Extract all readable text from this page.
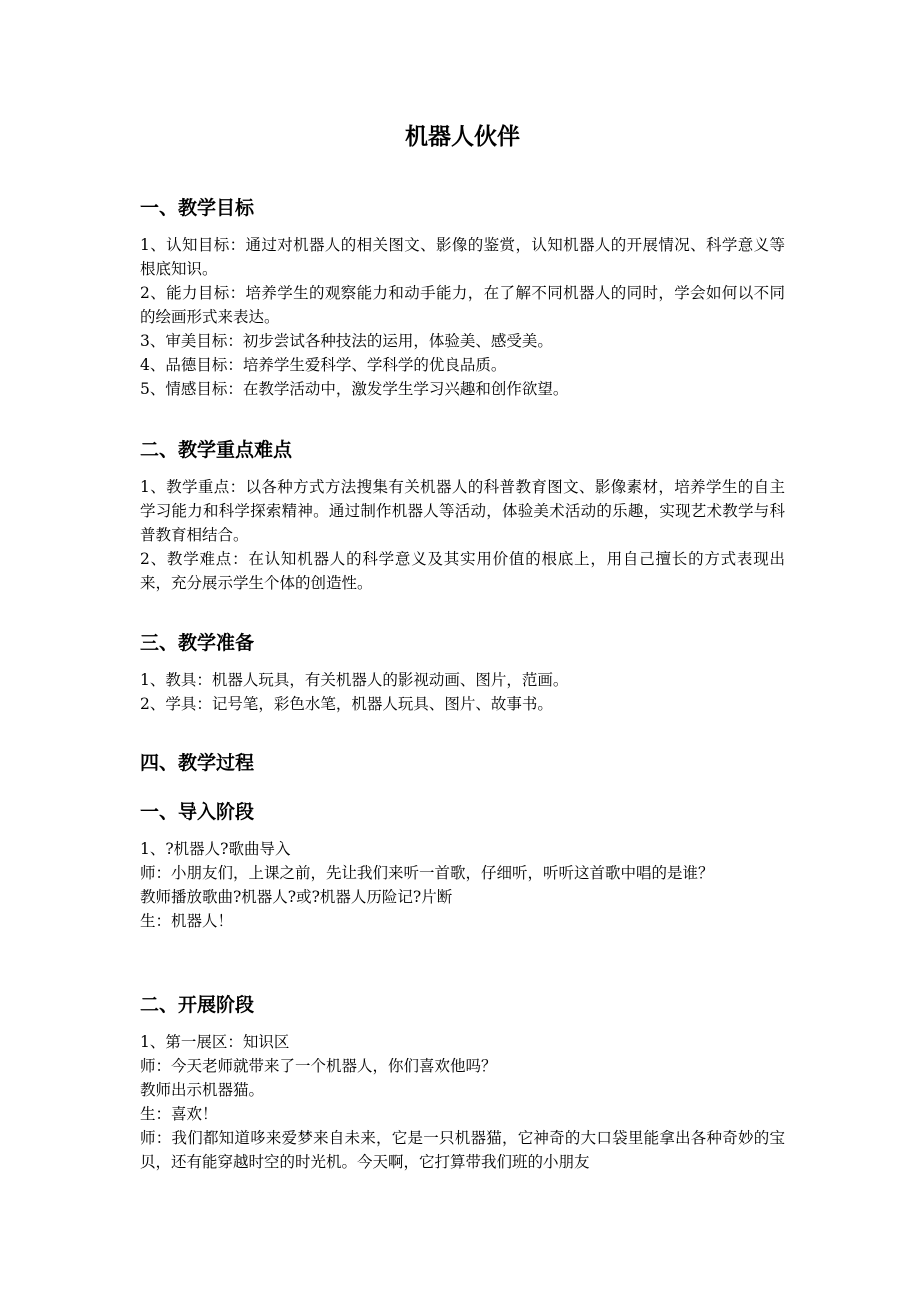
机器人伙伴
一、教学目标

1、认知目标：通过对机器人的相关图文、影像的鉴赏，认知机器人的开展情况、科学意义等根底知识。

2、能力目标：培养学生的观察能力和动手能力，在了解不同机器人的同时，学会如何以不同的绘画形式来表达。

3、审美目标：初步尝试各种技法的运用，体验美、感受美。

4、品德目标：培养学生爱科学、学科学的优良品质。

5、情感目标：在教学活动中，激发学生学习兴趣和创作欲望。

二、教学重点难点

1、教学重点：以各种方式方法搜集有关机器人的科普教育图文、影像素材，培养学生的自主学习能力和科学探索精神。通过制作机器人等活动，体验美术活动的乐趣，实现艺术教学与科普教育相结合。

2、教学难点：在认知机器人的科学意义及其实用价值的根底上，用自己擅长的方式表现出来，充分展示学生个体的创造性。

三、教学准备

1、教具：机器人玩具，有关机器人的影视动画、图片，范画。

2、学具：记号笔，彩色水笔，机器人玩具、图片、故事书。

四、教学过程
一、导入阶段

1、?机器人?歌曲导入

师：小朋友们，上课之前，先让我们来听一首歌，仔细听，听听这首歌中唱的是谁？

教师播放歌曲?机器人?或?机器人历险记?片断

生：机器人！

二、开展阶段

1、第一展区：知识区

师：今天老师就带来了一个机器人，你们喜欢他吗？

教师出示机器猫。

生：喜欢！

师：我们都知道哆来爱梦来自未来，它是一只机器猫，它神奇的大口袋里能拿出各种奇妙的宝贝，还有能穿越时空的时光机。今天啊，它打算带我们班的小朋友
